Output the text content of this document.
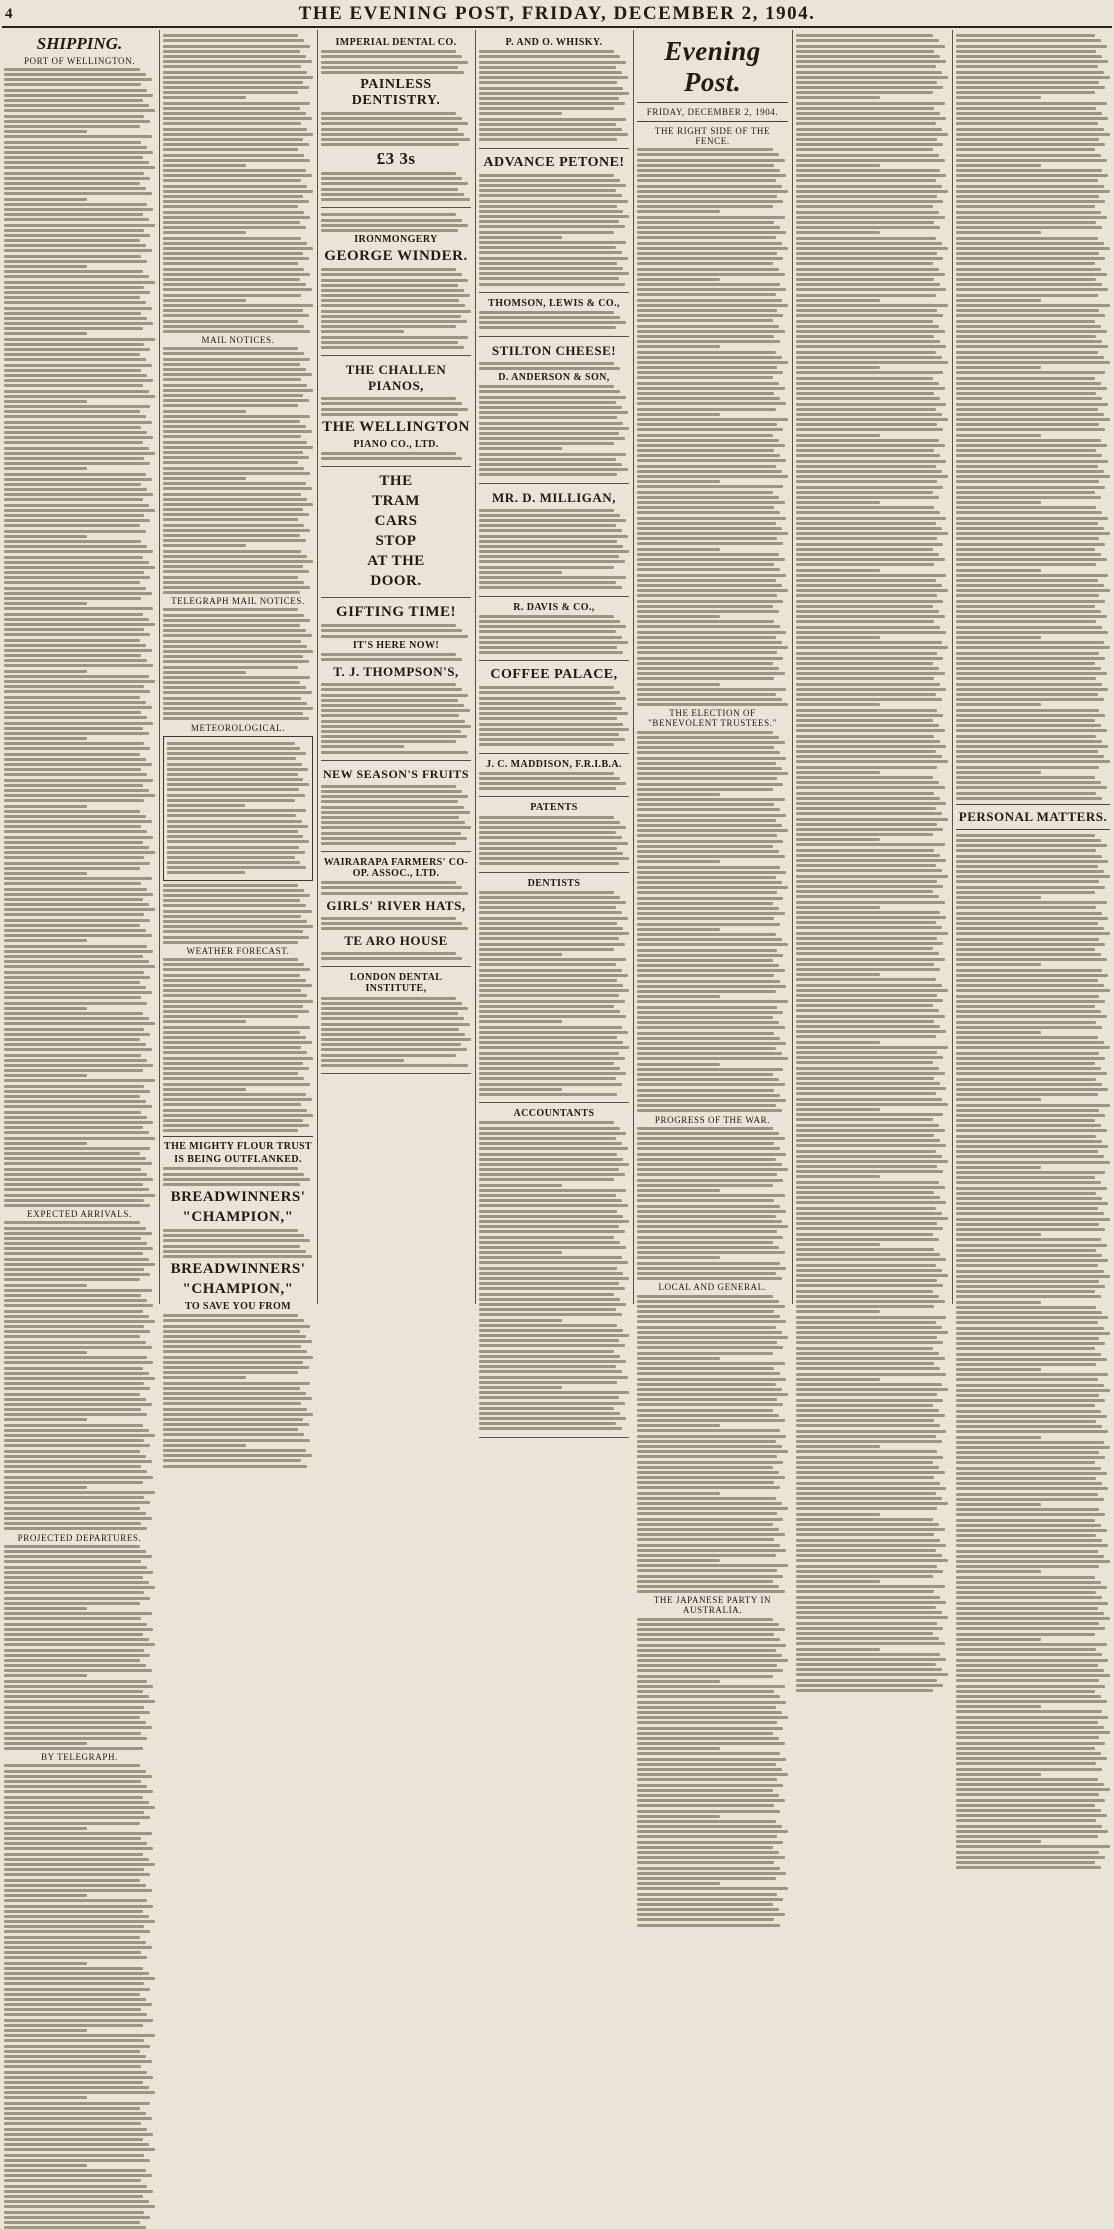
4	THE EVENING POST, FRIDAY, DECEMBER 2, 1904.
SHIPPING.
PORT OF WELLINGTON.
EXPECTED ARRIVALS.
PROJECTED DEPARTURES.
BY TELEGRAPH.
MAIL NOTICES.
TELEGRAPH MAIL NOTICES.
METEOROLOGICAL.
WEATHER FORECAST.
THE MIGHTY FLOUR TRUST
IS BEING OUTFLANKED.
BREADWINNERS'
"CHAMPION,"
BREADWINNERS'
"CHAMPION,"
TO SAVE YOU FROM
IMPERIAL DENTAL CO.
PAINLESS DENTISTRY.
£3 3s
IRONMONGERY
GEORGE WINDER.
THE CHALLEN PIANOS,
THE WELLINGTON
PIANO CO., LTD.
THE
TRAM
CARS
STOP
AT THE
DOOR.
GIFTING TIME!
IT'S HERE NOW!
T. J. THOMPSON'S,
NEW SEASON'S FRUITS
WAIRARAPA FARMERS' CO-OP. ASSOC., LTD.
GIRLS' RIVER HATS,
TE ARO HOUSE
LONDON DENTAL INSTITUTE,
P. AND O. WHISKY.
ADVANCE PETONE!
THOMSON, LEWIS & CO.,
STILTON CHEESE!
D. ANDERSON & SON,
MR. D. MILLIGAN,
R. DAVIS & CO.,
COFFEE PALACE,
J. C. MADDISON, F.R.I.B.A.
PATENTS
DENTISTS
ACCOUNTANTS
Evening Post.
FRIDAY, DECEMBER 2, 1904.
THE RIGHT SIDE OF THE FENCE.
THE ELECTION OF "BENEVOLENT TRUSTEES."
PROGRESS OF THE WAR.
LOCAL AND GENERAL.
THE JAPANESE PARTY IN AUSTRALIA.
PERSONAL MATTERS.
